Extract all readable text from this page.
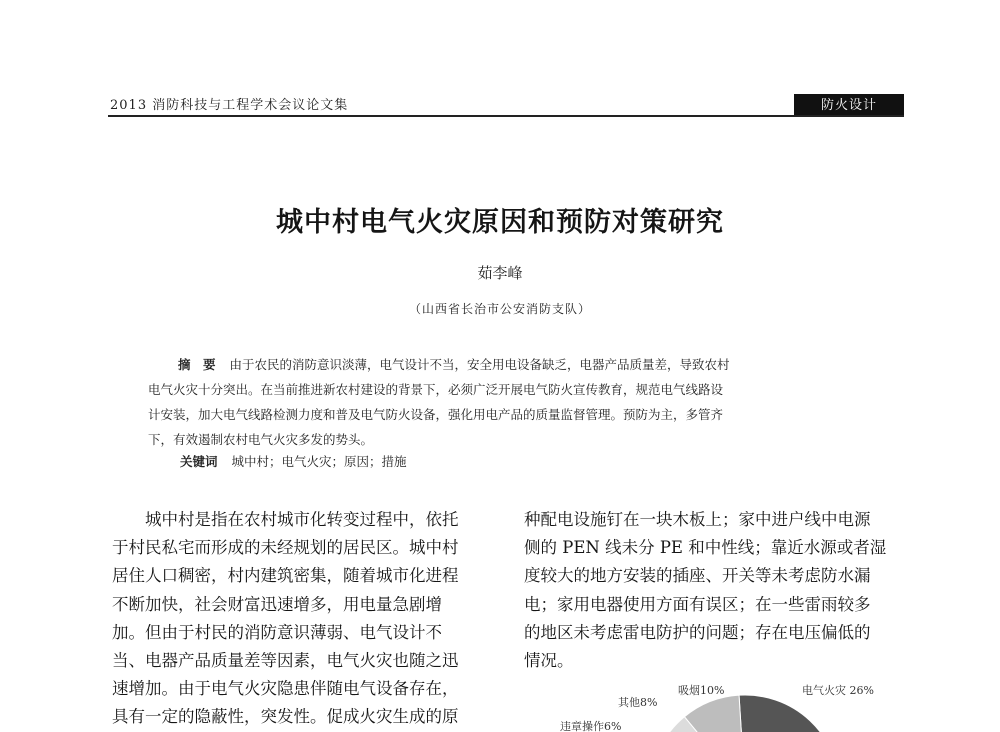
2013 消防科技与工程学术会议论文集	防火设计
城中村电气火灾原因和预防对策研究
茹李峰
（山西省长治市公安消防支队）
摘　要 由于农民的消防意识淡薄，电气设计不当，安全用电设备缺乏，电器产品质量差，导致农村
电气火灾十分突出。在当前推进新农村建设的背景下，必须广泛开展电气防火宣传教育，规范电气线路设
计安装，加大电气线路检测力度和普及电气防火设备，强化用电产品的质量监督管理。预防为主，多管齐
下，有效遏制农村电气火灾多发的势头。
关键词 城中村；电气火灾；原因；措施
　　城中村是指在农村城市化转变过程中，依托
于村民私宅而形成的未经规划的居民区。城中村
居住人口稠密，村内建筑密集，随着城市化进程
不断加快，社会财富迅速增多，用电量急剧增
加。但由于村民的消防意识薄弱、电气设计不
当、电器产品质量差等因素，电气火灾也随之迅
速增加。由于电气火灾隐患伴随电气设备存在，
具有一定的隐蔽性，突发性。促成火灾生成的原
种配电设施钉在一块木板上；家中进户线中电源
侧的 PEN 线未分 PE 和中性线；靠近水源或者湿
度较大的地方安装的插座、开关等未考虑防水漏
电；家用电器使用方面有误区；在一些雷雨较多
的地区未考虑雷电防护的问题；存在电压偏低的
情况。
电气火灾 26%
吸烟10%
其他8%
违章操作6%
